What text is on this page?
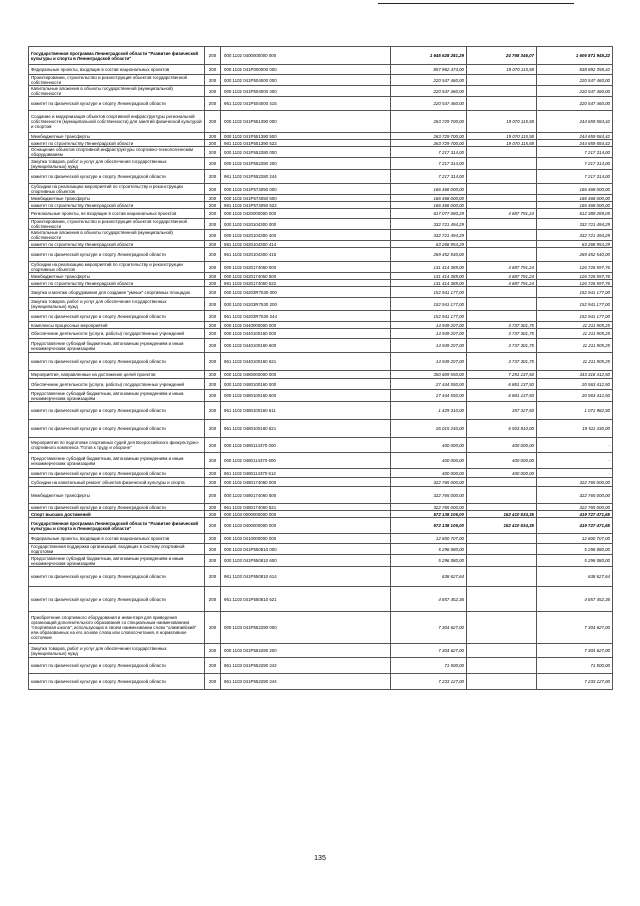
Государственная программа Ленинградской области "Развитие физической культуры и спорта в Ленинградской области"	200	000 1102 0400000000 000	1 645 628 281,29	24 768 346,07	1 606 871 945,22
Федеральные проекты, входящие в состав национальных проектов	200	000 1102 041P000000 000	857 962 474,00	19 070 115,58	838 892 358,42
Проектирование, строительство и реконструкция объектов государственной собственности	200	000 1102 041P504000 000	220 547 460,00		220 547 460,00
Капитальные вложения в объекты государственной (муниципальной) собственности	200	000 1102 041P504000 400	220 547 460,00		220 547 460,00
комитет по физической культуре и спорту Ленинградской области	200	961 1102 041P504000 415	220 547 460,00		220 547 460,00
Создание и модернизация объектов спортивной инфраструктуры региональной собственности (муниципальной собственности) для занятий физической культурой и спортом	200	000 1102 041P551390 000	263 729 700,00	19 070 115,58	244 659 584,42
Межбюджетные трансферты	200	000 1102 041P551390 500	263 729 700,00	19 070 115,58	244 659 584,42
комитет по строительству Ленинградской области	200	981 1102 041P551390 522	263 729 700,00	19 070 115,58	244 659 584,42
Оснащение объектов спортивной инфраструктуры спортивно-технологическим оборудованием	200	000 1102 041P552280 000	7 217 314,00		7 217 314,00
Закупка товаров, работ и услуг для обеспечения государственных (муниципальных) нужд	200	000 1102 041P552280 200	7 217 314,00		7 217 314,00
комитет по физической культуре и спорту Ленинградской области	200	961 1102 041P552280 244	7 217 314,00		7 217 314,00
Субсидии на реализацию мероприятий по строительству и реконструкции спортивных объектов	200	000 1102 041P574050 000	166 468 000,00		166 468 000,00
Межбюджетные трансферты	200	000 1102 041P574050 500	166 468 000,00		166 468 000,00
комитет по строительству Ленинградской области	200	981 1102 041P574050 522	166 468 000,00		166 468 000,00
Региональные проекты, не входящие в состав национальных проектов	200	000 1102 0420000000 000	617 077 080,29	4 687 791,24	612 389 289,05
Проектирование, строительство и реконструкция объектов государственной собственности	200	000 1102 0420104300 000	332 721 494,29		332 721 494,29
Капитальные вложения в объекты государственной (муниципальной) собственности	200	000 1102 0420104300 400	332 721 494,29		332 721 494,29
комитет по строительству Ленинградской области	200	981 1102 0420104300 414	63 268 954,29		63 268 954,29
комитет по физической культуре и спорту Ленинградской области	200	961 1102 0420104300 415	269 452 540,00		269 452 540,00
Субсидии на реализацию мероприятий по строительству и реконструкции спортивных объектов	200	000 1102 0420174050 000	131 414 389,00	4 687 791,24	126 726 597,76
Межбюджетные трансферты	200	000 1102 0420174050 500	131 414 389,00	4 687 791,24	126 726 597,76
комитет по строительству Ленинградской области	200	981 1102 0420174050 522	131 414 389,00	4 687 791,24	126 726 597,76
Закупка и монтаж оборудования для создания "умных" спортивных площадок	200	000 1102 04203R7530 000	152 941 177,00		152 941 177,00
Закупка товаров, работ и услуг для обеспечения государственных (муниципальных) нужд	200	000 1102 04203R7530 200	152 941 177,00		152 941 177,00
комитет по физической культуре и спорту Ленинградской области	200	961 1102 04203R7530 244	152 941 177,00		152 941 177,00
Комплексы процессных мероприятий	200	000 1102 0440000000 000	14 949 207,00	3 737 301,75	11 211 905,25
Обеспечение деятельности (услуги, работы) государственных учреждений	200	000 1102 0440100160 000	14 949 207,00	3 737 301,75	11 211 905,25
Предоставление субсидий бюджетным, автономным учреждениям и иным некоммерческим организациям	200	000 1102 0440100160 600	14 949 207,00	3 737 301,75	11 211 905,25
комитет по физической культуре и спорту Ленинградской области	200	961 1102 0440100160 621	14 949 207,00	3 737 301,75	11 211 905,25
Мероприятия, направленные на достижение целей проектов	200	000 1102 0480000000 000	350 609 550,00	7 291 137,50	343 318 412,50
Обеспечение деятельности (услуги, работы) государственных учреждений	200	000 1102 0480100160 000	27 444 550,00	6 881 137,50	20 563 412,50
Предоставление субсидий бюджетным, автономным учреждениям и иным некоммерческим организациям	200	000 1102 0480100160 600	27 444 550,00	6 881 137,50	20 563 412,50
комитет по физической культуре и спорту Ленинградской области	200	961 1102 0480100160 611	1 429 310,00	357 327,50	1 071 982,50
комитет по физической культуре и спорту Ленинградской области	200	961 1102 0480100160 621	26 015 240,00	6 503 810,00	19 511 430,00
Мероприятия по подготовке спортивных судей для Всероссийского физкультурно-спортивного комплекса "Готов к труду и обороне"	200	000 1102 0480114370 000	400 000,00	400 000,00	-
Предоставление субсидий бюджетным, автономным учреждениям и иным некоммерческим организациям	200	000 1102 0480114370 600	400 000,00	400 000,00	-
комитет по физической культуре и спорту Ленинградской области	200	961 1102 0480114370 612	400 000,00	400 000,00	-
Субсидии на капитальный ремонт объектов физической культуры и спорта	200	000 1102 0480174060 000	322 765 000,00		322 765 000,00
Межбюджетные трансферты	200	000 1102 0480174060 500	322 765 000,00		322 765 000,00
комитет по физической культуре и спорту Ленинградской области	200	961 1102 0480174060 521	322 765 000,00		322 765 000,00
Спорт высших достижений	200	000 1103 0000000000 000	572 138 106,00	152 410 634,35	419 727 471,65
Государственная программа Ленинградской области "Развитие физической культуры и спорта в Ленинградской области"	200	000 1103 0400000000 000	572 138 106,00	152 410 634,35	419 727 471,65
Федеральные проекты, входящие в состав национальных проектов	200	000 1103 0410000000 000	12 600 707,00		12 600 707,00
Государственная поддержка организаций, входящих в систему спортивной подготовки	200	000 1103 041P550810 000	5 296 080,00		5 296 080,00
Предоставление субсидий бюджетным, автономным учреждениям и иным некоммерческим организациям	200	000 1103 041P550810 600	5 296 080,00		5 296 080,00
комитет по физической культуре и спорту Ленинградской области	200	961 1103 041P550810 614	638 627,64		638 627,64
комитет по физической культуре и спорту Ленинградской области	200	961 1103 041P550810 621	4 657 452,36		4 657 452,36
Приобретение спортивного оборудования и инвентаря для приведения организаций дополнительного образования со специальным наименованием "спортивная школа", использующих в своем наименовании слово "олимпийский" или образованных на его основе слова или словосочетания, в нормативное состояние	200	000 1103 041P552290 000	7 304 627,00		7 304 627,00
Закупка товаров, работ и услуг для обеспечения государственных (муниципальных) нужд	200	000 1103 041P552290 200	7 304 627,00		7 304 627,00
комитет по физической культуре и спорту Ленинградской области	200	961 1103 041P552290 242	71 500,00		71 500,00
комитет по физической культуре и спорту Ленинградской области	200	961 1103 041P552290 244	7 233 127,00		7 233 127,00
135
